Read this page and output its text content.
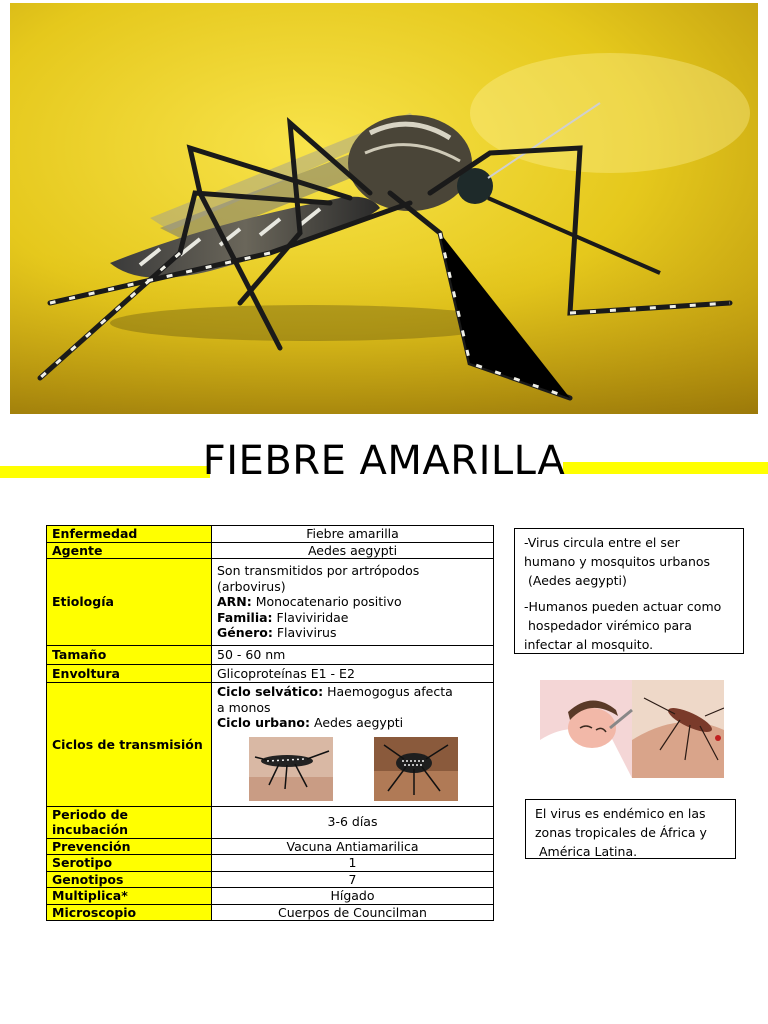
FIEBRE AMARILLA
Enfermedad	Fiebre amarilla
Agente	Aedes aegypti
Etiología	Son transmitidos por artrópodos
(arbovirus)
ARN: Monocatenario positivo
Familia: Flaviviridae
Género: Flavivirus

Tamaño	50 - 60 nm
Envoltura	Glicoproteínas E1 - E2
Ciclos de transmisión	Ciclo selvático: Haemogogus afecta a monos
Ciclo urbano: Aedes aegypti

Periodo de incubación	3-6 días
Prevención	Vacuna Antiamarilica
Serotipo	1
Genotipos	7
Multiplica*	Hígado
Microscopio	Cuerpos de Councilman

-Virus circula entre el ser

humano y mosquitos urbanos

(Aedes aegypti)

-Humanos pueden actuar como

hospedador virémico para

infectar al mosquito.

El virus es endémico en las

zonas tropicales de África y

América Latina.
